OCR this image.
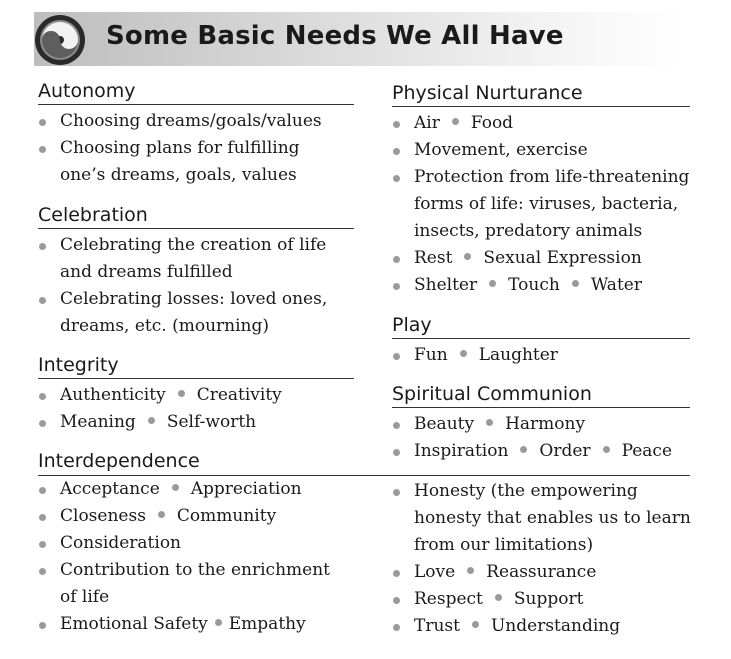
Some Basic Needs We All Have
Autonomy
Choosing dreams/goals/values
Choosing plans for fulfilling
one’s dreams, goals, values
Celebration
Celebrating the creation of life
and dreams fulfilled
Celebrating losses: loved ones,
dreams, etc. (mourning)
Integrity
Authenticity Creativity
Meaning Self-worth
Physical Nurturance
Air Food
Movement, exercise
Protection from life-threatening
forms of life: viruses, bacteria,
insects, predatory animals
Rest Sexual Expression
Shelter Touch Water
Play
Fun Laughter
Spiritual Communion
Beauty Harmony
Inspiration Order Peace
Interdependence
Acceptance Appreciation
Closeness Community
Consideration
Contribution to the enrichment
of life
Emotional Safety Empathy
Honesty (the empowering
honesty that enables us to learn
from our limitations)
Love Reassurance
Respect Support
Trust Understanding
